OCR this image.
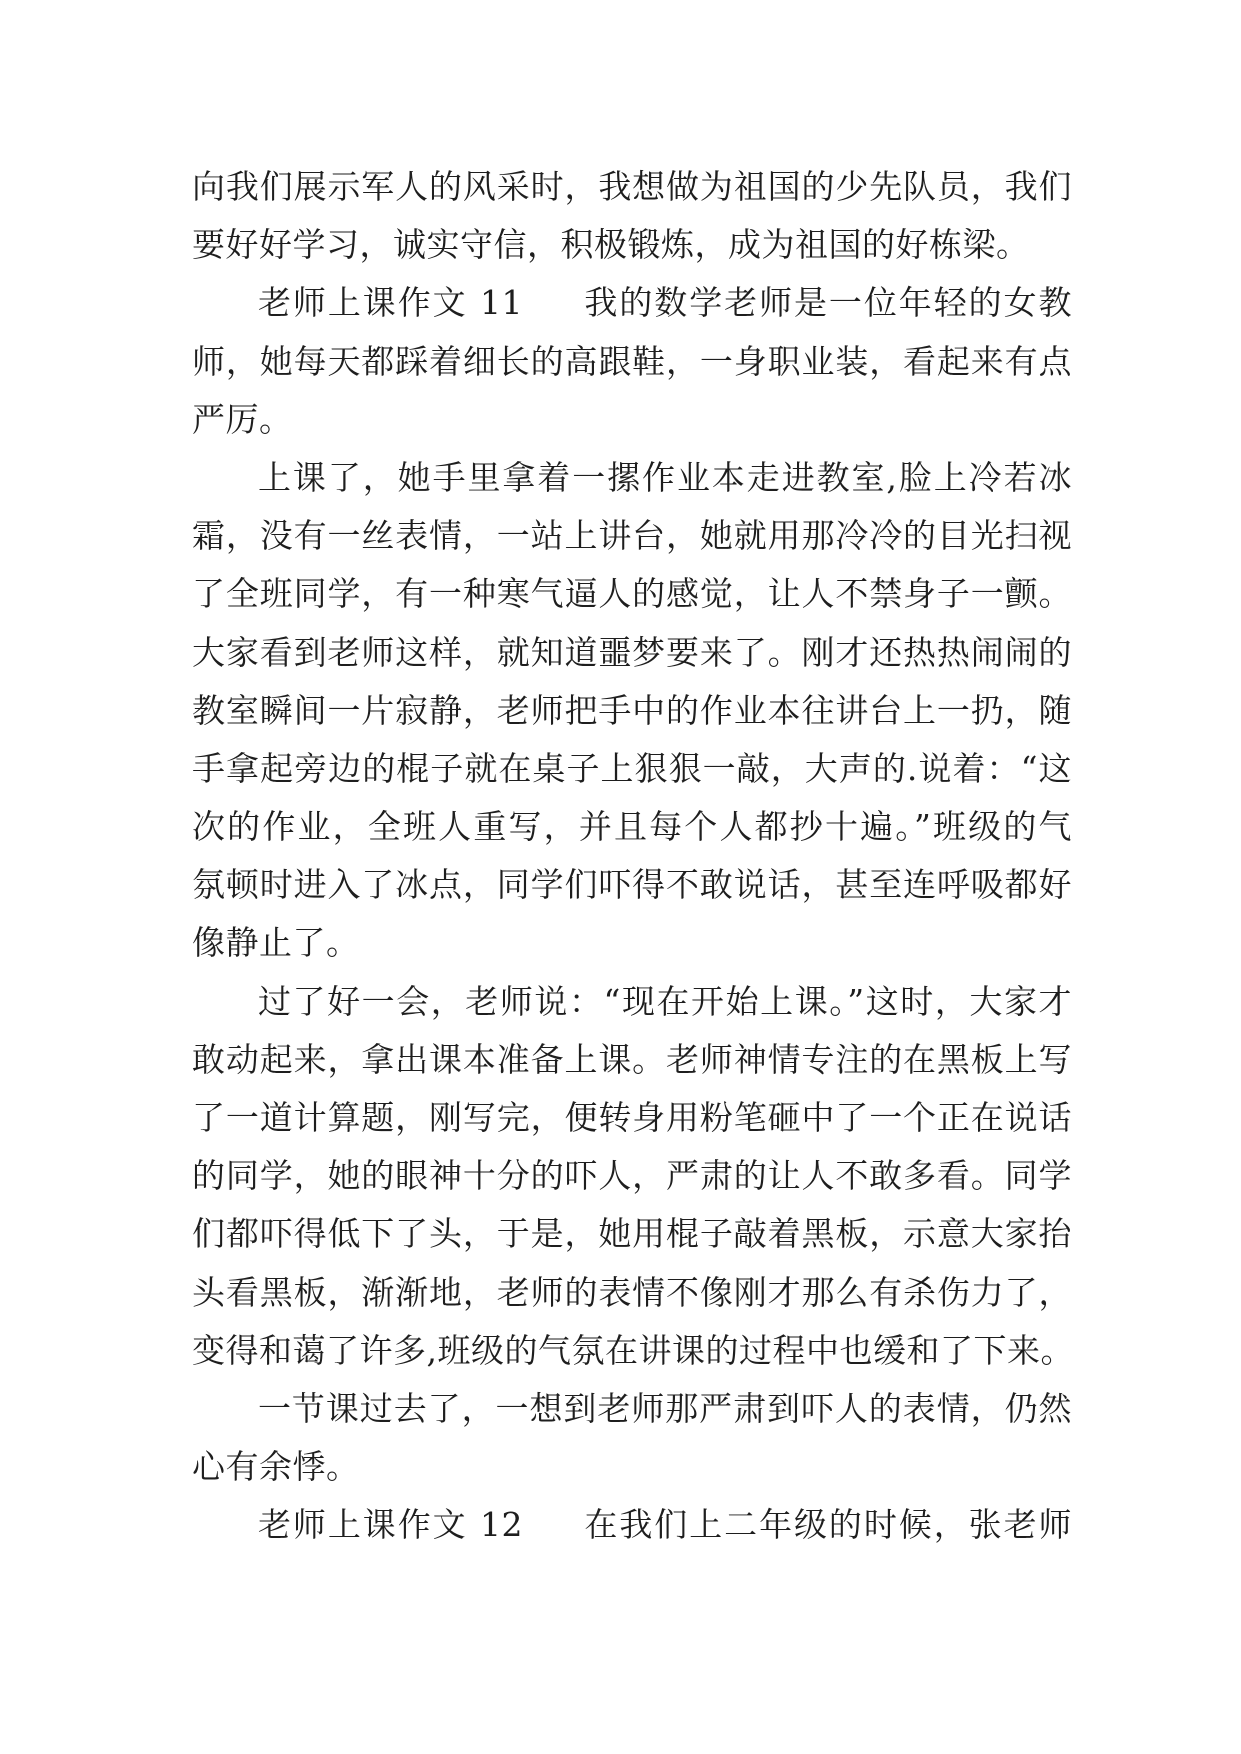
向我们展示军人的风采时，我想做为祖国的少先队员，我们
要好好学习，诚实守信，积极锻炼，成为祖国的好栋梁。
老师上课作文 11 我的数学老师是一位年轻的女教
师，她每天都踩着细长的高跟鞋，一身职业装，看起来有点
严厉。
上课了，她手里拿着一摞作业本走进教室,脸上冷若冰
霜，没有一丝表情，一站上讲台，她就用那冷冷的目光扫视
了全班同学，有一种寒气逼人的感觉，让人不禁身子一颤。
大家看到老师这样，就知道噩梦要来了。刚才还热热闹闹的
教室瞬间一片寂静，老师把手中的作业本往讲台上一扔，随
手拿起旁边的棍子就在桌子上狠狠一敲，大声的.说着：“这
次的作业，全班人重写，并且每个人都抄十遍。”班级的气
氛顿时进入了冰点，同学们吓得不敢说话，甚至连呼吸都好
像静止了。
过了好一会，老师说：“现在开始上课。”这时，大家才
敢动起来，拿出课本准备上课。老师神情专注的在黑板上写
了一道计算题，刚写完，便转身用粉笔砸中了一个正在说话
的同学，她的眼神十分的吓人，严肃的让人不敢多看。同学
们都吓得低下了头，于是，她用棍子敲着黑板，示意大家抬
头看黑板，渐渐地，老师的表情不像刚才那么有杀伤力了，
变得和蔼了许多,班级的气氛在讲课的过程中也缓和了下来。
一节课过去了，一想到老师那严肃到吓人的表情，仍然
心有余悸。
老师上课作文 12 在我们上二年级的时候，张老师
